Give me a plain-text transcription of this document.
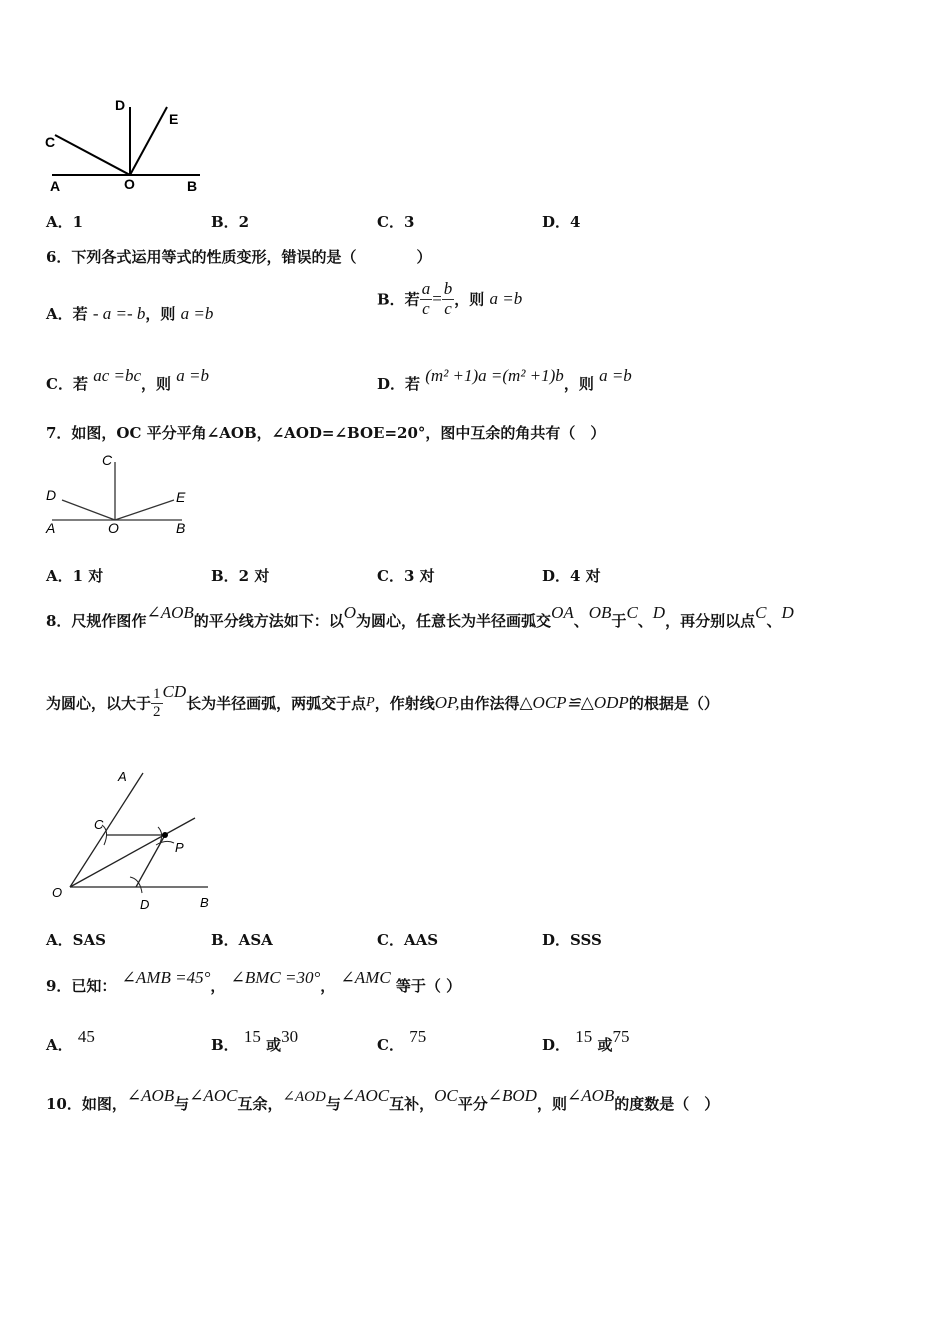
D
E
C
A	O	B
A．1	B．2	C．3	D．4
6．下列各式运用等式的性质变形，错误的是（　　　　）
A．若 - a =- b，则 a =b
B．若 $\frac{a}{c} = \frac{b}{c}$ ，则 a =b
C．若 ac =bc，则 a =b	D．若 (m² +1)a =(m² +1)b，则 a =b
7．如图，OC 平分平角∠AOB，∠AOD=∠BOE=20°，图中互余的角共有（　）
C
D	E
A	O	B
A．1 对	B．2 对	C．3 对	D．4 对
8．尺规作图作∠AOB的平分线方法如下：以O为圆心，任意长为半径画弧交OA、OB于C、D，再分别以点C、D
为圆心，以大于 $\frac{1}{2}$ CD长为半径画弧，两弧交于点P，作射线OP,由作法得△OCP≌△ODP的根据是（）
A
C
P
O
D	B
A．SAS	B．ASA	C．AAS	D．SSS
9．已知： ∠AMB =45°， ∠BMC =30°， ∠AMC 等于（ ）
A． 45	B． 15 或30	C． 75	D． 15 或75
10．如图，∠AOB与∠AOC互余，∠AOD与∠AOC互补，OC平分∠BOD，则∠AOB的度数是（　）
